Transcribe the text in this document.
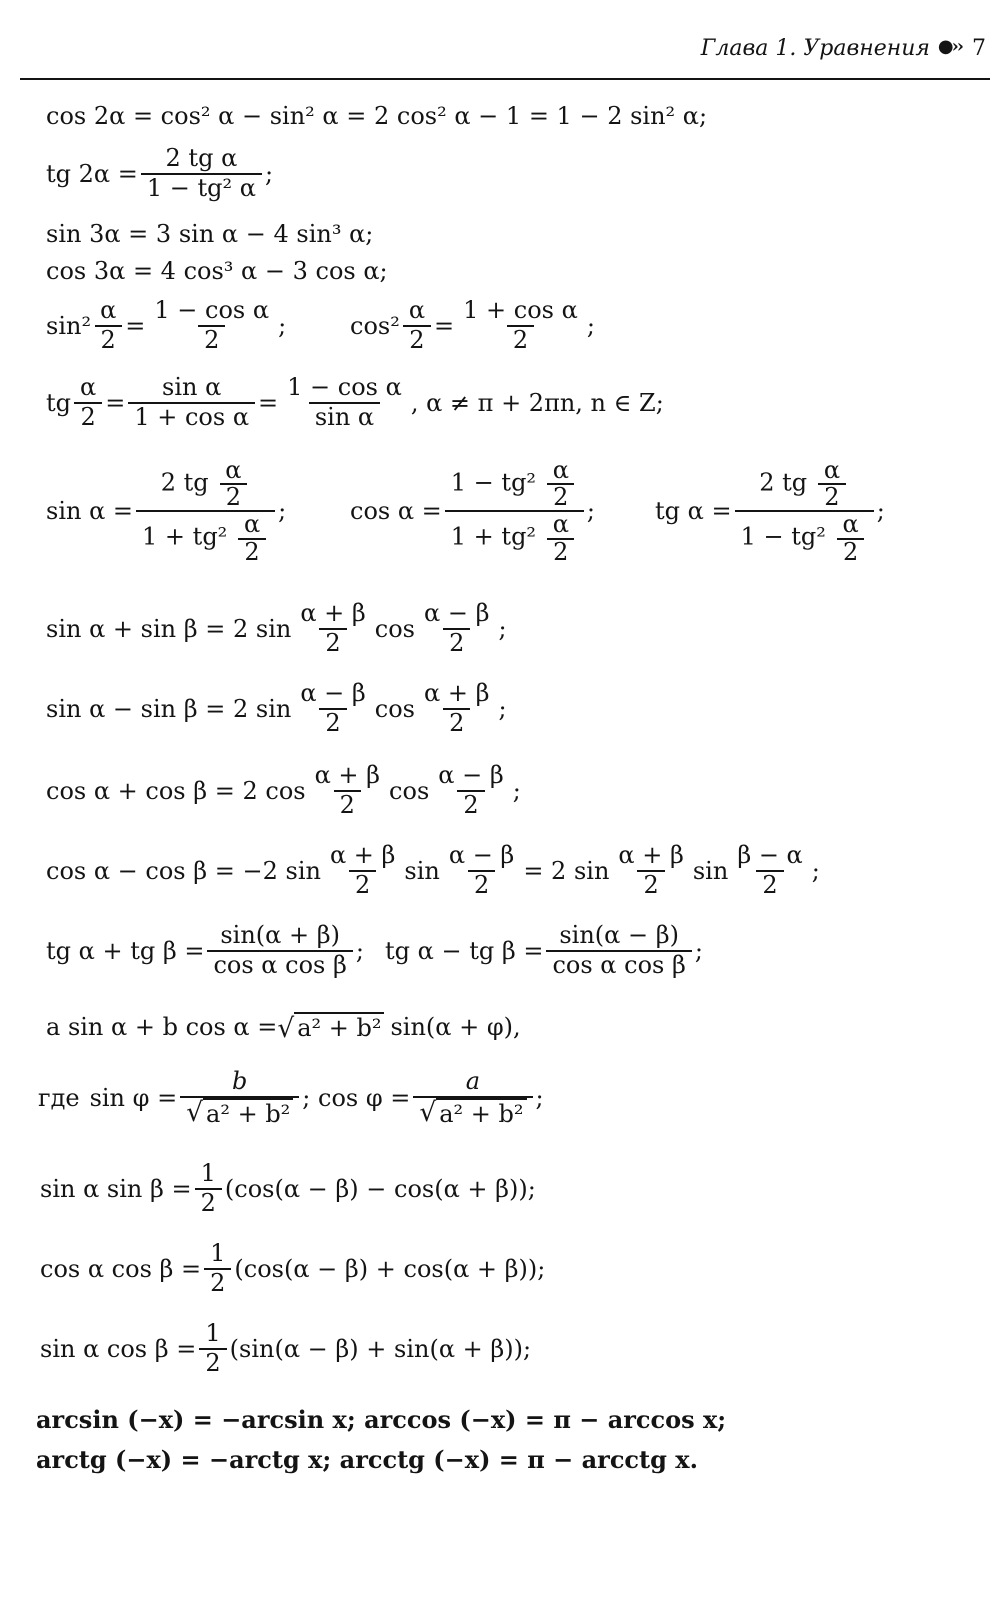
Глава 1. Уравнения ●›› 7
cos 2α = cos² α − sin² α = 2 cos² α − 1 = 1 − 2 sin² α;
tg $2\alpha = \frac{\text{2 tg α}}{\text{1 − tg² α}}$ ;
sin 3α = 3 sin α − 4 sin³ α;
cos 3α = 4 cos³ α − 3 cos α;
$\sin^2 \frac{\alpha}{2} = \frac{\text{1 − cos α}}{2}$ ;	$\cos^2 \frac{\alpha}{2} = \frac{\text{1 + cos α}}{2}$ ;
tg $\frac{\alpha}{2} = \frac{\text{sin α}}{\text{1 + cos α}} = \frac{\text{1 − cos α}}{\text{sin α}}$ , α ≠ π + 2πn, n ∈ Z;
$\sin \alpha = \frac{2 tg \frac{\alpha}{2}}{1 + tg^2 \frac{\alpha}{2}}$ ;	$\cos \alpha = \frac{1 - tg^2 \frac{\alpha}{2}}{1 + tg^2 \frac{\alpha}{2}}$ ;	tg $\alpha = \frac{2 tg \frac{\alpha}{2}}{1 - tg^2 \frac{\alpha}{2}}$ ;
sin α + sin β = 2 $\sin \frac{\alpha + \beta}{2}$ $\cos \frac{\alpha - \beta}{2}$ ;
sin α − sin β = 2 $\sin \frac{\alpha - \beta}{2}$ $\cos \frac{\alpha + \beta}{2}$ ;
cos α + cos β = 2 $\cos \frac{\alpha + \beta}{2}$ $\cos \frac{\alpha - \beta}{2}$ ;
cos α − cos β = −2 $\sin \frac{\alpha + \beta}{2}$ $\sin \frac{\alpha - \beta}{2} = 2$ $\sin \frac{\alpha + \beta}{2}$ $\sin \frac{\beta - \alpha}{2}$ ;
tg α + tg $\beta = \frac{\sin(\alpha + \beta)}{\text{cos α cos β}}$ ; tg α − tg $\beta = \frac{\sin(\alpha - \beta)}{\text{cos α cos β}}$ ;
a sin α + b cos α = √ a² + b² sin(α + φ),
где $\sin \varphi = \frac{b}{\text{√ a² + b²}}$ ; $\cos \varphi = \frac{a}{\text{√ a² + b²}}$ ;
sin α $\sin \beta = \frac{1}{2} (\cos(\alpha - \beta) - \cos(\alpha + \beta))$;
cos α $\cos \beta = \frac{1}{2} (\cos(\alpha - \beta) + \cos(\alpha + \beta))$;
sin α $\cos \beta = \frac{1}{2} (\sin(\alpha - \beta) + \sin(\alpha + \beta))$;
arcsin (−x) = −arcsin x; arccos (−x) = π − arccos x;
arctg (−x) = −arctg x; arcctg (−x) = π − arcctg x.
